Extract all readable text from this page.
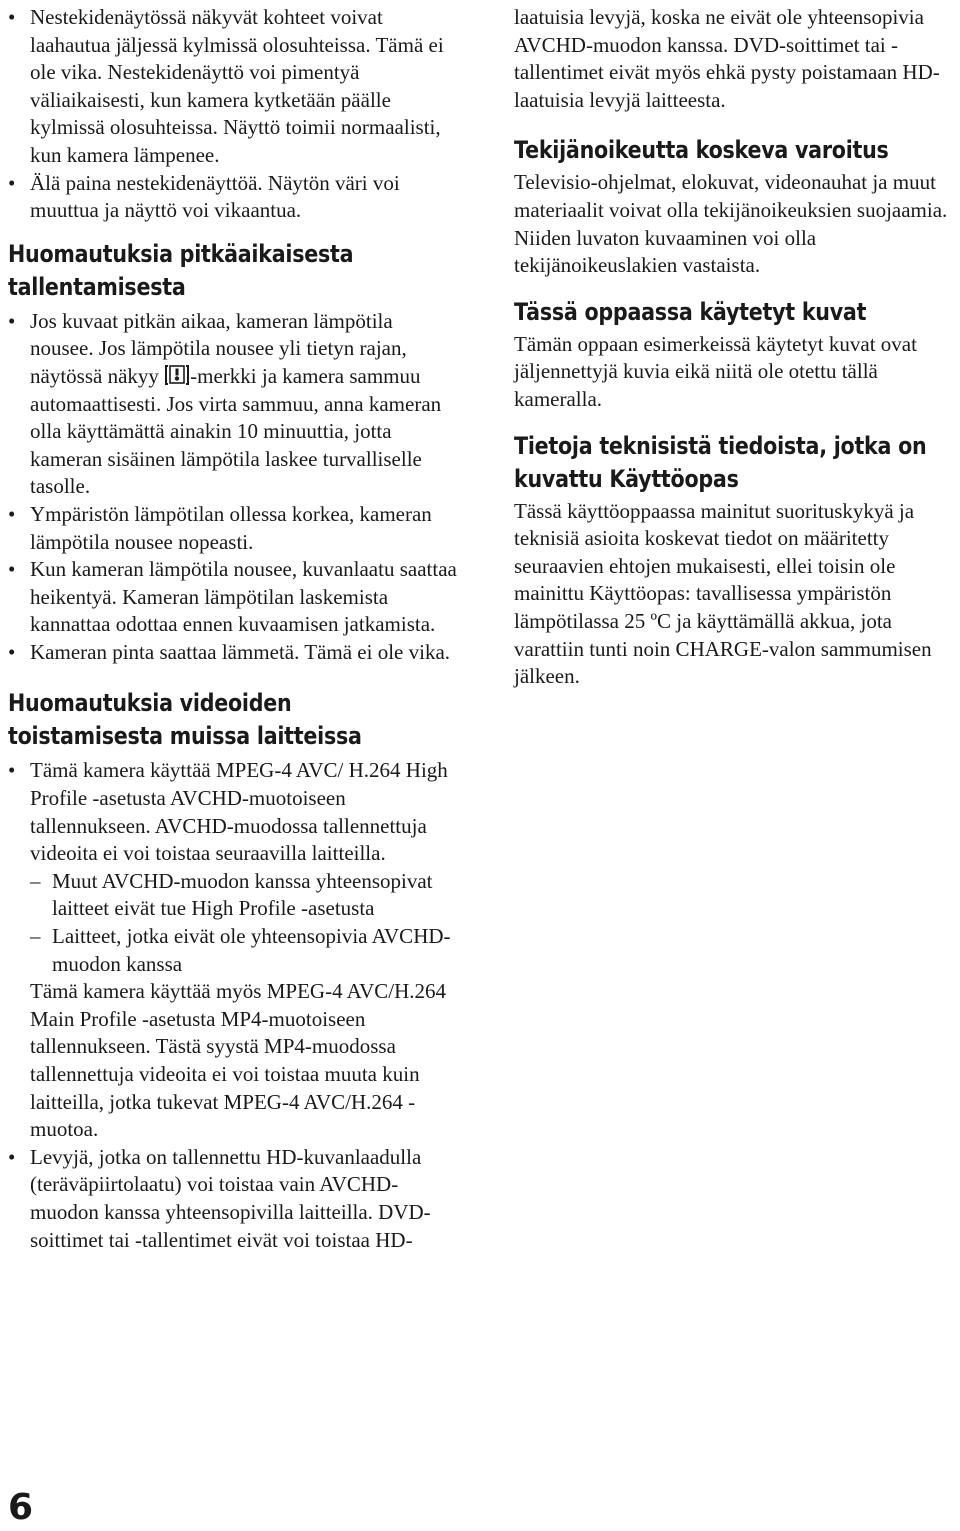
• Nestekidenäytössä näkyvät kohteet voivat laahautua jäljessä kylmissä olosuhteissa. Tämä ei ole vika. Nestekidenäyttö voi pimentyä väliaikaisesti, kun kamera kytketään päälle kylmissä olosuhteissa. Näyttö toimii normaalisti, kun kamera lämpenee.

• Älä paina nestekidenäyttöä. Näytön väri voi muuttua ja näyttö voi vikaantua.

Huomautuksia pitkäaikaisesta
tallentamisesta

• Jos kuvaat pitkän aikaa, kameran lämpötila nousee. Jos lämpötila nousee yli tietyn rajan, näytössä näkyy -merkki ja kamera sammuu automaattisesti. Jos virta sammuu, anna kameran olla käyttämättä ainakin 10 minuuttia, jotta kameran sisäinen lämpötila laskee turvalliselle tasolle.

• Ympäristön lämpötilan ollessa korkea, kameran lämpötila nousee nopeasti.

• Kun kameran lämpötila nousee, kuvanlaatu saattaa heikentyä. Kameran lämpötilan laskemista kannattaa odottaa ennen kuvaamisen jatkamista.

• Kameran pinta saattaa lämmetä. Tämä ei ole vika.

Huomautuksia videoiden
toistamisesta muissa laitteissa

• Tämä kamera käyttää MPEG-4 AVC/ H.264 High Profile -asetusta AVCHD-muotoiseen tallennukseen. AVCHD-muodossa tallennettuja videoita ei voi toistaa seuraavilla laitteilla.

– Muut AVCHD-muodon kanssa yhteensopivat laitteet eivät tue High Profile -asetusta

– Laitteet, jotka eivät ole yhteensopivia AVCHD-muodon kanssa

Tämä kamera käyttää myös MPEG-4 AVC/H.264 Main Profile -asetusta MP4-muotoiseen tallennukseen. Tästä syystä MP4-muodossa tallennettuja videoita ei voi toistaa muuta kuin laitteilla, jotka tukevat MPEG-4 AVC/H.264 -muotoa.

• Levyjä, jotka on tallennettu HD-kuvanlaadulla (teräväpiirtolaatu) voi toistaa vain AVCHD-muodon kanssa yhteensopivilla laitteilla. DVD-soittimet tai -tallentimet eivät voi toistaa HD-

laatuisia levyjä, koska ne eivät ole yhteensopivia AVCHD-muodon kanssa. DVD-soittimet tai -tallentimet eivät myös ehkä pysty poistamaan HD-laatuisia levyjä laitteesta.

Tekijänoikeutta koskeva varoitus

Televisio-ohjelmat, elokuvat, videonauhat ja muut materiaalit voivat olla tekijänoikeuksien suojaamia. Niiden luvaton kuvaaminen voi olla tekijänoikeuslakien vastaista.

Tässä oppaassa käytetyt kuvat

Tämän oppaan esimerkeissä käytetyt kuvat ovat jäljennettyjä kuvia eikä niitä ole otettu tällä kameralla.

Tietoja teknisistä tiedoista, jotka on
kuvattu Käyttöopas

Tässä käyttöoppaassa mainitut suorituskykyä ja teknisiä asioita koskevat tiedot on määritetty seuraavien ehtojen mukaisesti, ellei toisin ole mainittu Käyttöopas: tavallisessa ympäristön lämpötilassa 25 ºC ja käyttämällä akkua, jota varattiin tunti noin CHARGE-valon sammumisen jälkeen.

6
